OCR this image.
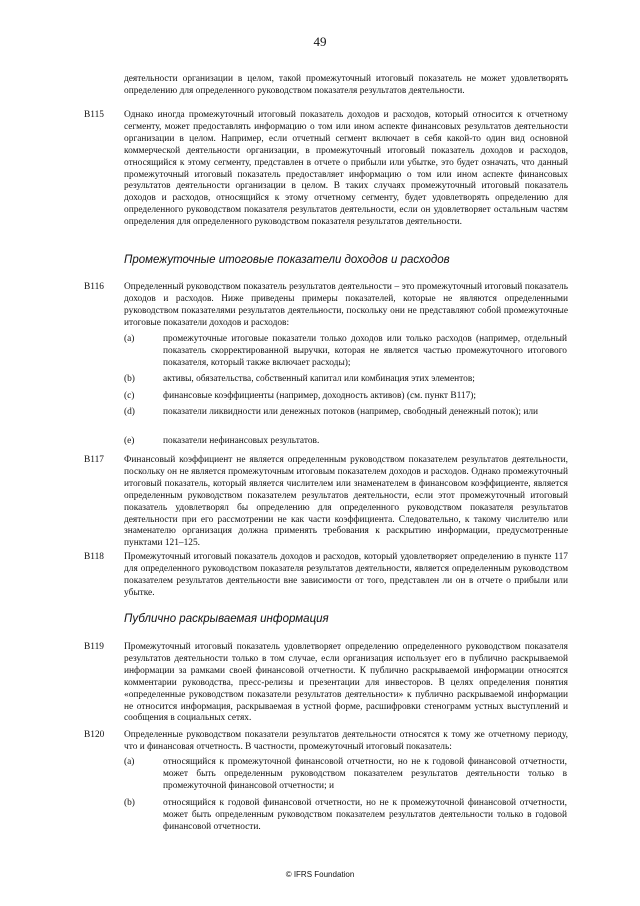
49
деятельности организации в целом, такой промежуточный итоговый показатель не может удовлетворять определению для определенного руководством показателя результатов деятельности.
B115 Однако иногда промежуточный итоговый показатель доходов и расходов, который относится к отчетному сегменту, может предоставлять информацию о том или ином аспекте финансовых результатов деятельности организации в целом. Например, если отчетный сегмент включает в себя какой-то один вид основной коммерческой деятельности организации, в промежуточный итоговый показатель доходов и расходов, относящийся к этому сегменту, представлен в отчете о прибыли или убытке, это будет означать, что данный промежуточный итоговый показатель предоставляет информацию о том или ином аспекте финансовых результатов деятельности организации в целом. В таких случаях промежуточный итоговый показатель доходов и расходов, относящийся к этому отчетному сегменту, будет удовлетворять определению для определенного руководством показателя результатов деятельности, если он удовлетворяет остальным частям определения для определенного руководством показателя результатов деятельности.
Промежуточные итоговые показатели доходов и расходов
B116 Определенный руководством показатель результатов деятельности – это промежуточный итоговый показатель доходов и расходов. Ниже приведены примеры показателей, которые не являются определенными руководством показателями результатов деятельности, поскольку они не представляют собой промежуточные итоговые показатели доходов и расходов:
(a)	промежуточные итоговые показатели только доходов или только расходов (например, отдельный показатель скорректированной выручки, которая не является частью промежуточного итогового показателя, который также включает расходы);
(b)	активы, обязательства, собственный капитал или комбинация этих элементов;
(c)	финансовые коэффициенты (например, доходность активов) (см. пункт B117);
(d)	показатели ликвидности или денежных потоков (например, свободный денежный поток); или
(e)	показатели нефинансовых результатов.
B117 Финансовый коэффициент не является определенным руководством показателем результатов деятельности, поскольку он не является промежуточным итоговым показателем доходов и расходов. Однако промежуточный итоговый показатель, который является числителем или знаменателем в финансовом коэффициенте, является определенным руководством показателем результатов деятельности, если этот промежуточный итоговый показатель удовлетворял бы определению для определенного руководством показателя результатов деятельности при его рассмотрении не как части коэффициента. Следовательно, к такому числителю или знаменателю организация должна применять требования к раскрытию информации, предусмотренные пунктами 121–125.
B118 Промежуточный итоговый показатель доходов и расходов, который удовлетворяет определению в пункте 117 для определенного руководством показателя результатов деятельности, является определенным руководством показателем результатов деятельности вне зависимости от того, представлен ли он в отчете о прибыли или убытке.
Публично раскрываемая информация
B119 Промежуточный итоговый показатель удовлетворяет определению определенного руководством показателя результатов деятельности только в том случае, если организация использует его в публично раскрываемой информации за рамками своей финансовой отчетности. К публично раскрываемой информации относятся комментарии руководства, пресс-релизы и презентации для инвесторов. В целях определения понятия «определенные руководством показатели результатов деятельности» к публично раскрываемой информации не относится информация, раскрываемая в устной форме, расшифровки стенограмм устных выступлений и сообщения в социальных сетях.
B120 Определенные руководством показатели результатов деятельности относятся к тому же отчетному периоду, что и финансовая отчетность. В частности, промежуточный итоговый показатель:
(a)	относящийся к промежуточной финансовой отчетности, но не к годовой финансовой отчетности, может быть определенным руководством показателем результатов деятельности только в промежуточной финансовой отчетности; и
(b)	относящийся к годовой финансовой отчетности, но не к промежуточной финансовой отчетности, может быть определенным руководством показателем результатов деятельности только в годовой финансовой отчетности.
© IFRS Foundation
